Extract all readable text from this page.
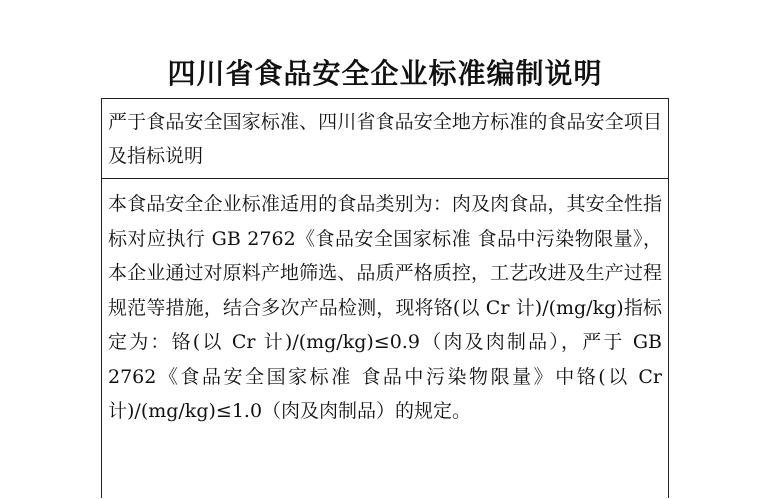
四川省食品安全企业标准编制说明
严于食品安全国家标准、四川省食品安全地方标准的食品安全项目及指标说明
本食品安全企业标准适用的食品类别为：肉及肉食品，其安全性指标对应执行 GB 2762《食品安全国家标准 食品中污染物限量》，本企业通过对原料产地筛选、品质严格质控，工艺改进及生产过程规范等措施，结合多次产品检测，现将铬(以 Cr 计)/(mg/kg)指标定为：铬(以 Cr 计)/(mg/kg)≤0.9（肉及肉制品），严于 GB 2762《食品安全国家标准 食品中污染物限量》中铬(以 Cr 计)/(mg/kg)≤1.0（肉及肉制品）的规定。
